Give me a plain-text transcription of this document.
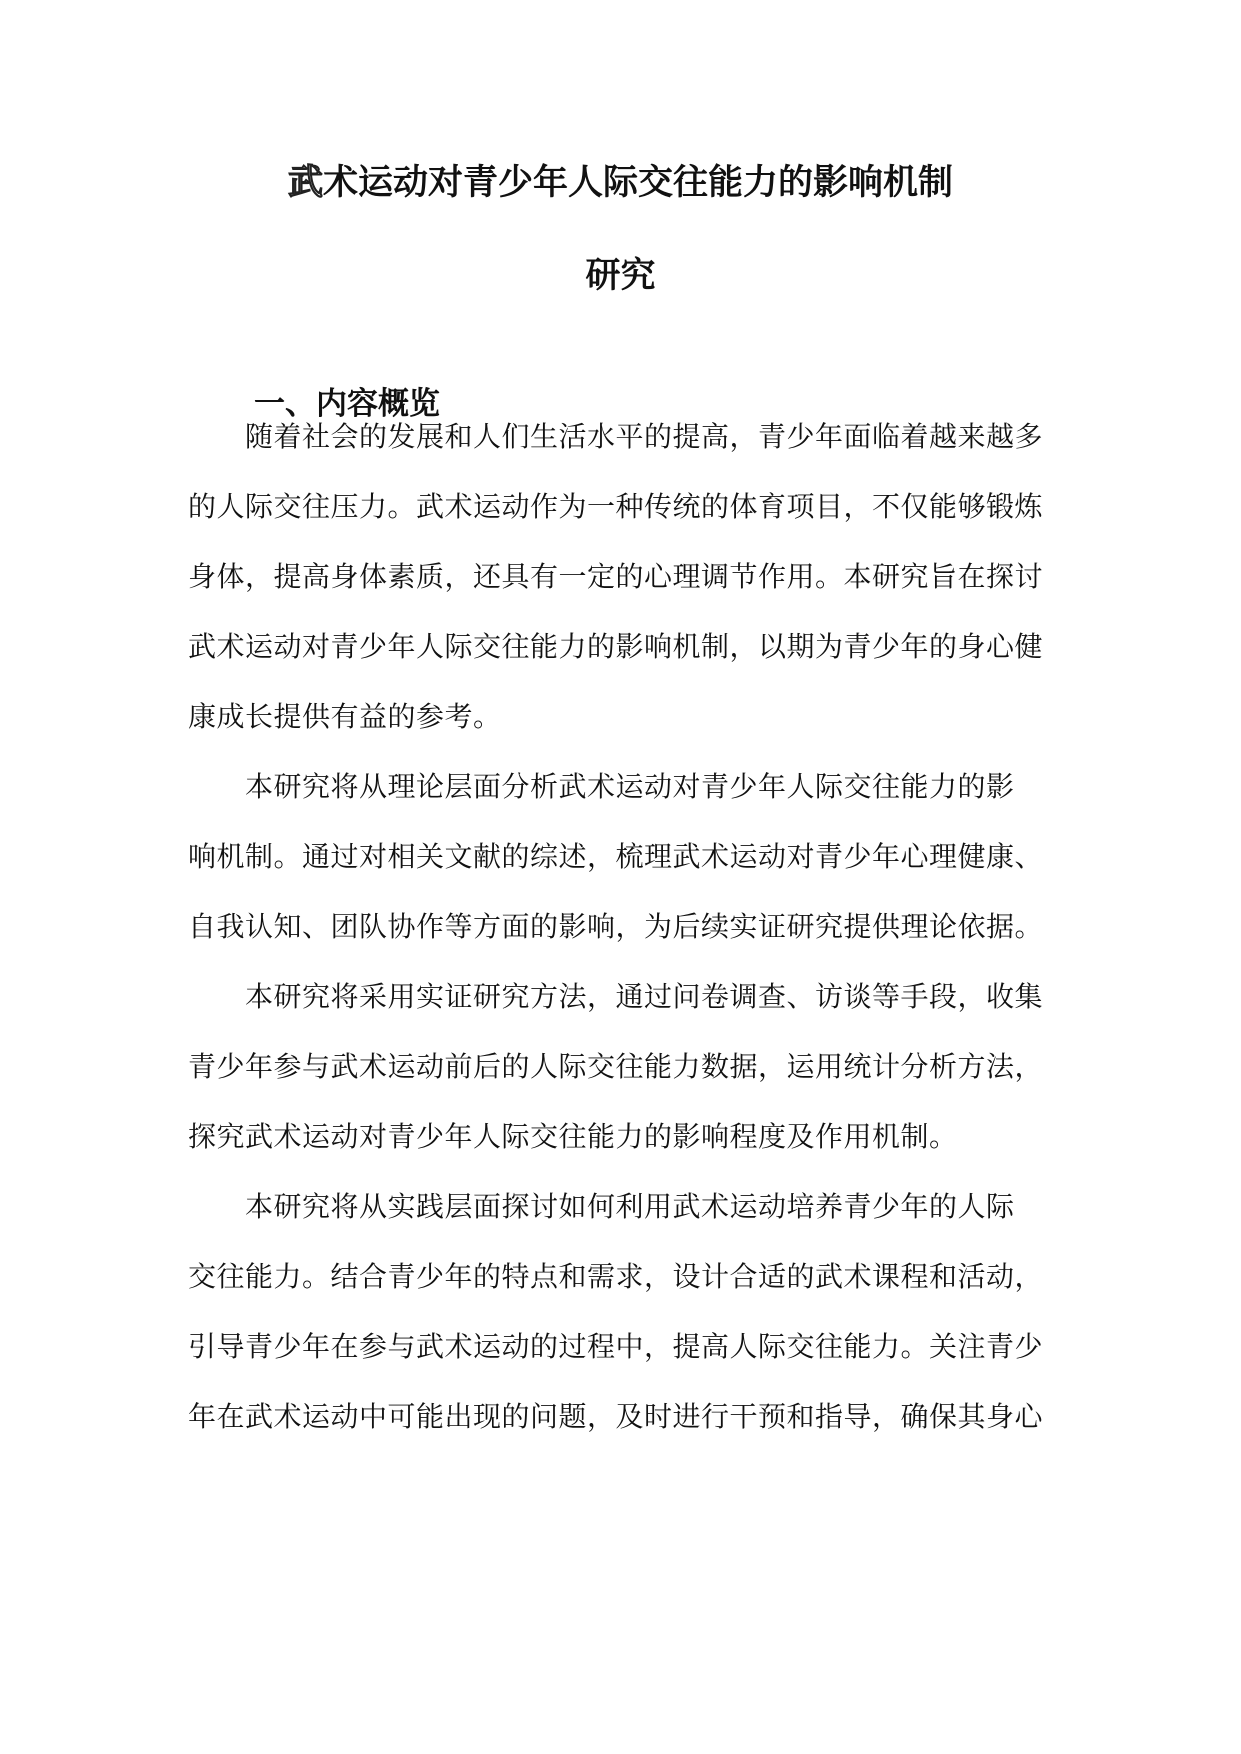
武术运动对青少年人际交往能力的影响机制
研究
一、内容概览
随着社会的发展和人们生活水平的提高，青少年面临着越来越多
的人际交往压力。武术运动作为一种传统的体育项目，不仅能够锻炼
身体，提高身体素质，还具有一定的心理调节作用。本研究旨在探讨
武术运动对青少年人际交往能力的影响机制，以期为青少年的身心健
康成长提供有益的参考。
本研究将从理论层面分析武术运动对青少年人际交往能力的影
响机制。通过对相关文献的综述，梳理武术运动对青少年心理健康、
自我认知、团队协作等方面的影响，为后续实证研究提供理论依据。
本研究将采用实证研究方法，通过问卷调查、访谈等手段，收集
青少年参与武术运动前后的人际交往能力数据，运用统计分析方法，
探究武术运动对青少年人际交往能力的影响程度及作用机制。
本研究将从实践层面探讨如何利用武术运动培养青少年的人际
交往能力。结合青少年的特点和需求，设计合适的武术课程和活动，
引导青少年在参与武术运动的过程中，提高人际交往能力。关注青少
年在武术运动中可能出现的问题，及时进行干预和指导，确保其身心
